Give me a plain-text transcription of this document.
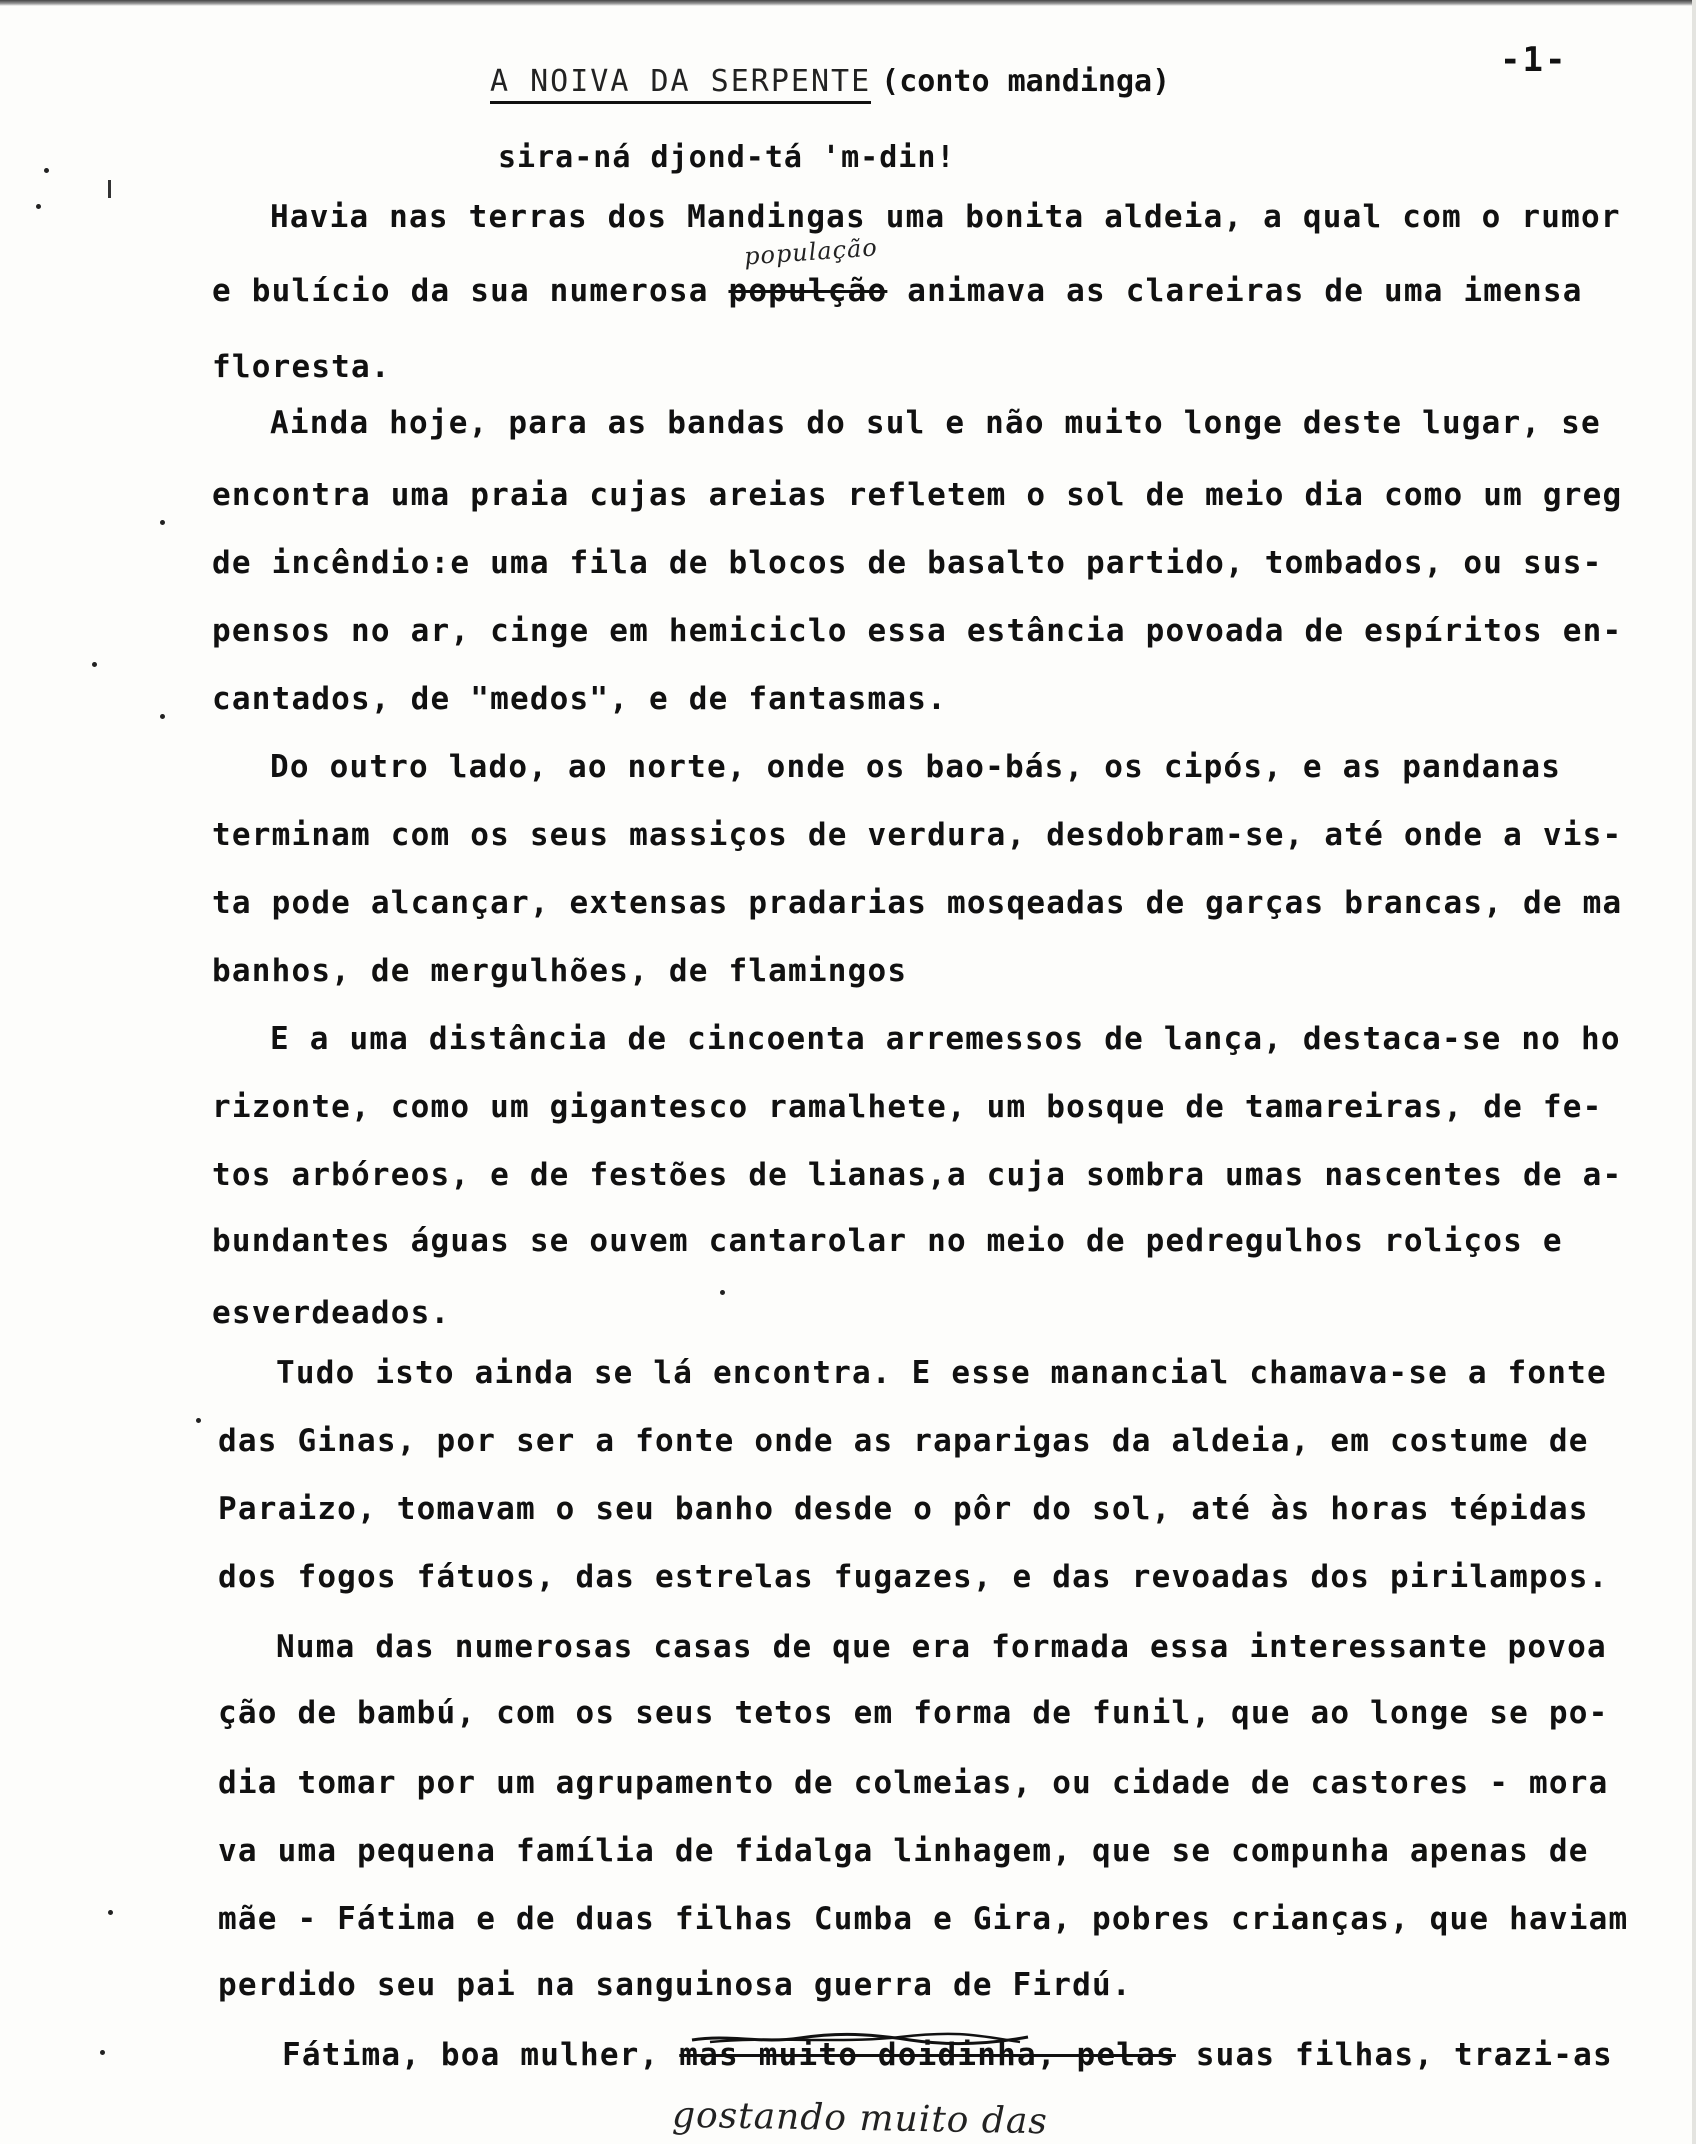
-1-
A NOIVA DA SERPENTE (conto mandinga)
sira-ná djond-tá 'm-din!
população
Havia nas terras dos Mandingas uma bonita aldeia, a qual com o rumor
e bulício da sua numerosa populção animava as clareiras de uma imensa
floresta.
Ainda hoje, para as bandas do sul e não muito longe deste lugar, se
encontra uma praia cujas areias refletem o sol de meio dia como um greg
de incêndio:e uma fila de blocos de basalto partido, tombados, ou sus-
pensos no ar, cinge em hemiciclo essa estância povoada de espíritos en-
cantados, de "medos", e de fantasmas.
Do outro lado, ao norte, onde os bao-bás, os cipós, e as pandanas
terminam com os seus massiços de verdura, desdobram-se, até onde a vis-
ta pode alcançar, extensas pradarias mosqeadas de garças brancas, de ma
banhos, de mergulhões, de flamingos
E a uma distância de cincoenta arremessos de lança, destaca-se no ho
rizonte, como um gigantesco ramalhete, um bosque de tamareiras, de fe-
tos arbóreos, e de festões de lianas,a cuja sombra umas nascentes de a-
bundantes águas se ouvem cantarolar no meio de pedregulhos roliços e
esverdeados.
Tudo isto ainda se lá encontra. E esse manancial chamava-se a fonte
das Ginas, por ser a fonte onde as raparigas da aldeia, em costume de
Paraizo, tomavam o seu banho desde o pôr do sol, até às horas tépidas
dos fogos fátuos, das estrelas fugazes, e das revoadas dos pirilampos.
Numa das numerosas casas de que era formada essa interessante povoa
ção de bambú, com os seus tetos em forma de funil, que ao longe se po-
dia tomar por um agrupamento de colmeias, ou cidade de castores - mora
va uma pequena família de fidalga linhagem, que se compunha apenas de
mãe - Fátima e de duas filhas Cumba e Gira, pobres crianças, que haviam
perdido seu pai na sanguinosa guerra de Firdú.
Fátima, boa mulher, mas muito doidinha, pelas suas filhas, trazi-as
gostando muito das
